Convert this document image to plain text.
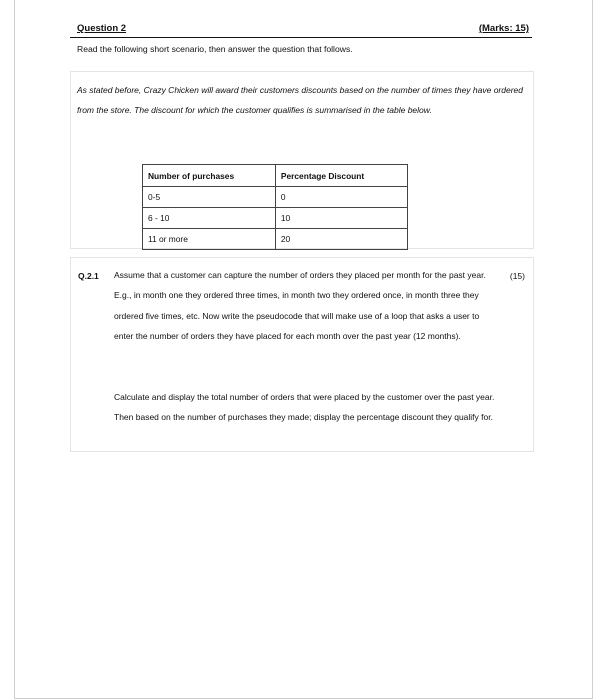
Question 2	(Marks: 15)
Read the following short scenario, then answer the question that follows.

As stated before, Crazy Chicken will award their customers discounts based on the number of times they have ordered from the store. The discount for which the customer qualifies is summarised in the table below.

Number of purchases	Percentage Discount
0-5	0
6 - 10	10
11 or more	20
Q.2.1	(15)

Assume that a customer can capture the number of orders they placed per month for the past year. E.g., in month one they ordered three times, in month two they ordered once, in month three they ordered five times, etc. Now write the pseudocode that will make use of a loop that asks a user to enter the number of orders they have placed for each month over the past year (12 months).

Calculate and display the total number of orders that were placed by the customer over the past year. Then based on the number of purchases they made; display the percentage discount they qualify for.
